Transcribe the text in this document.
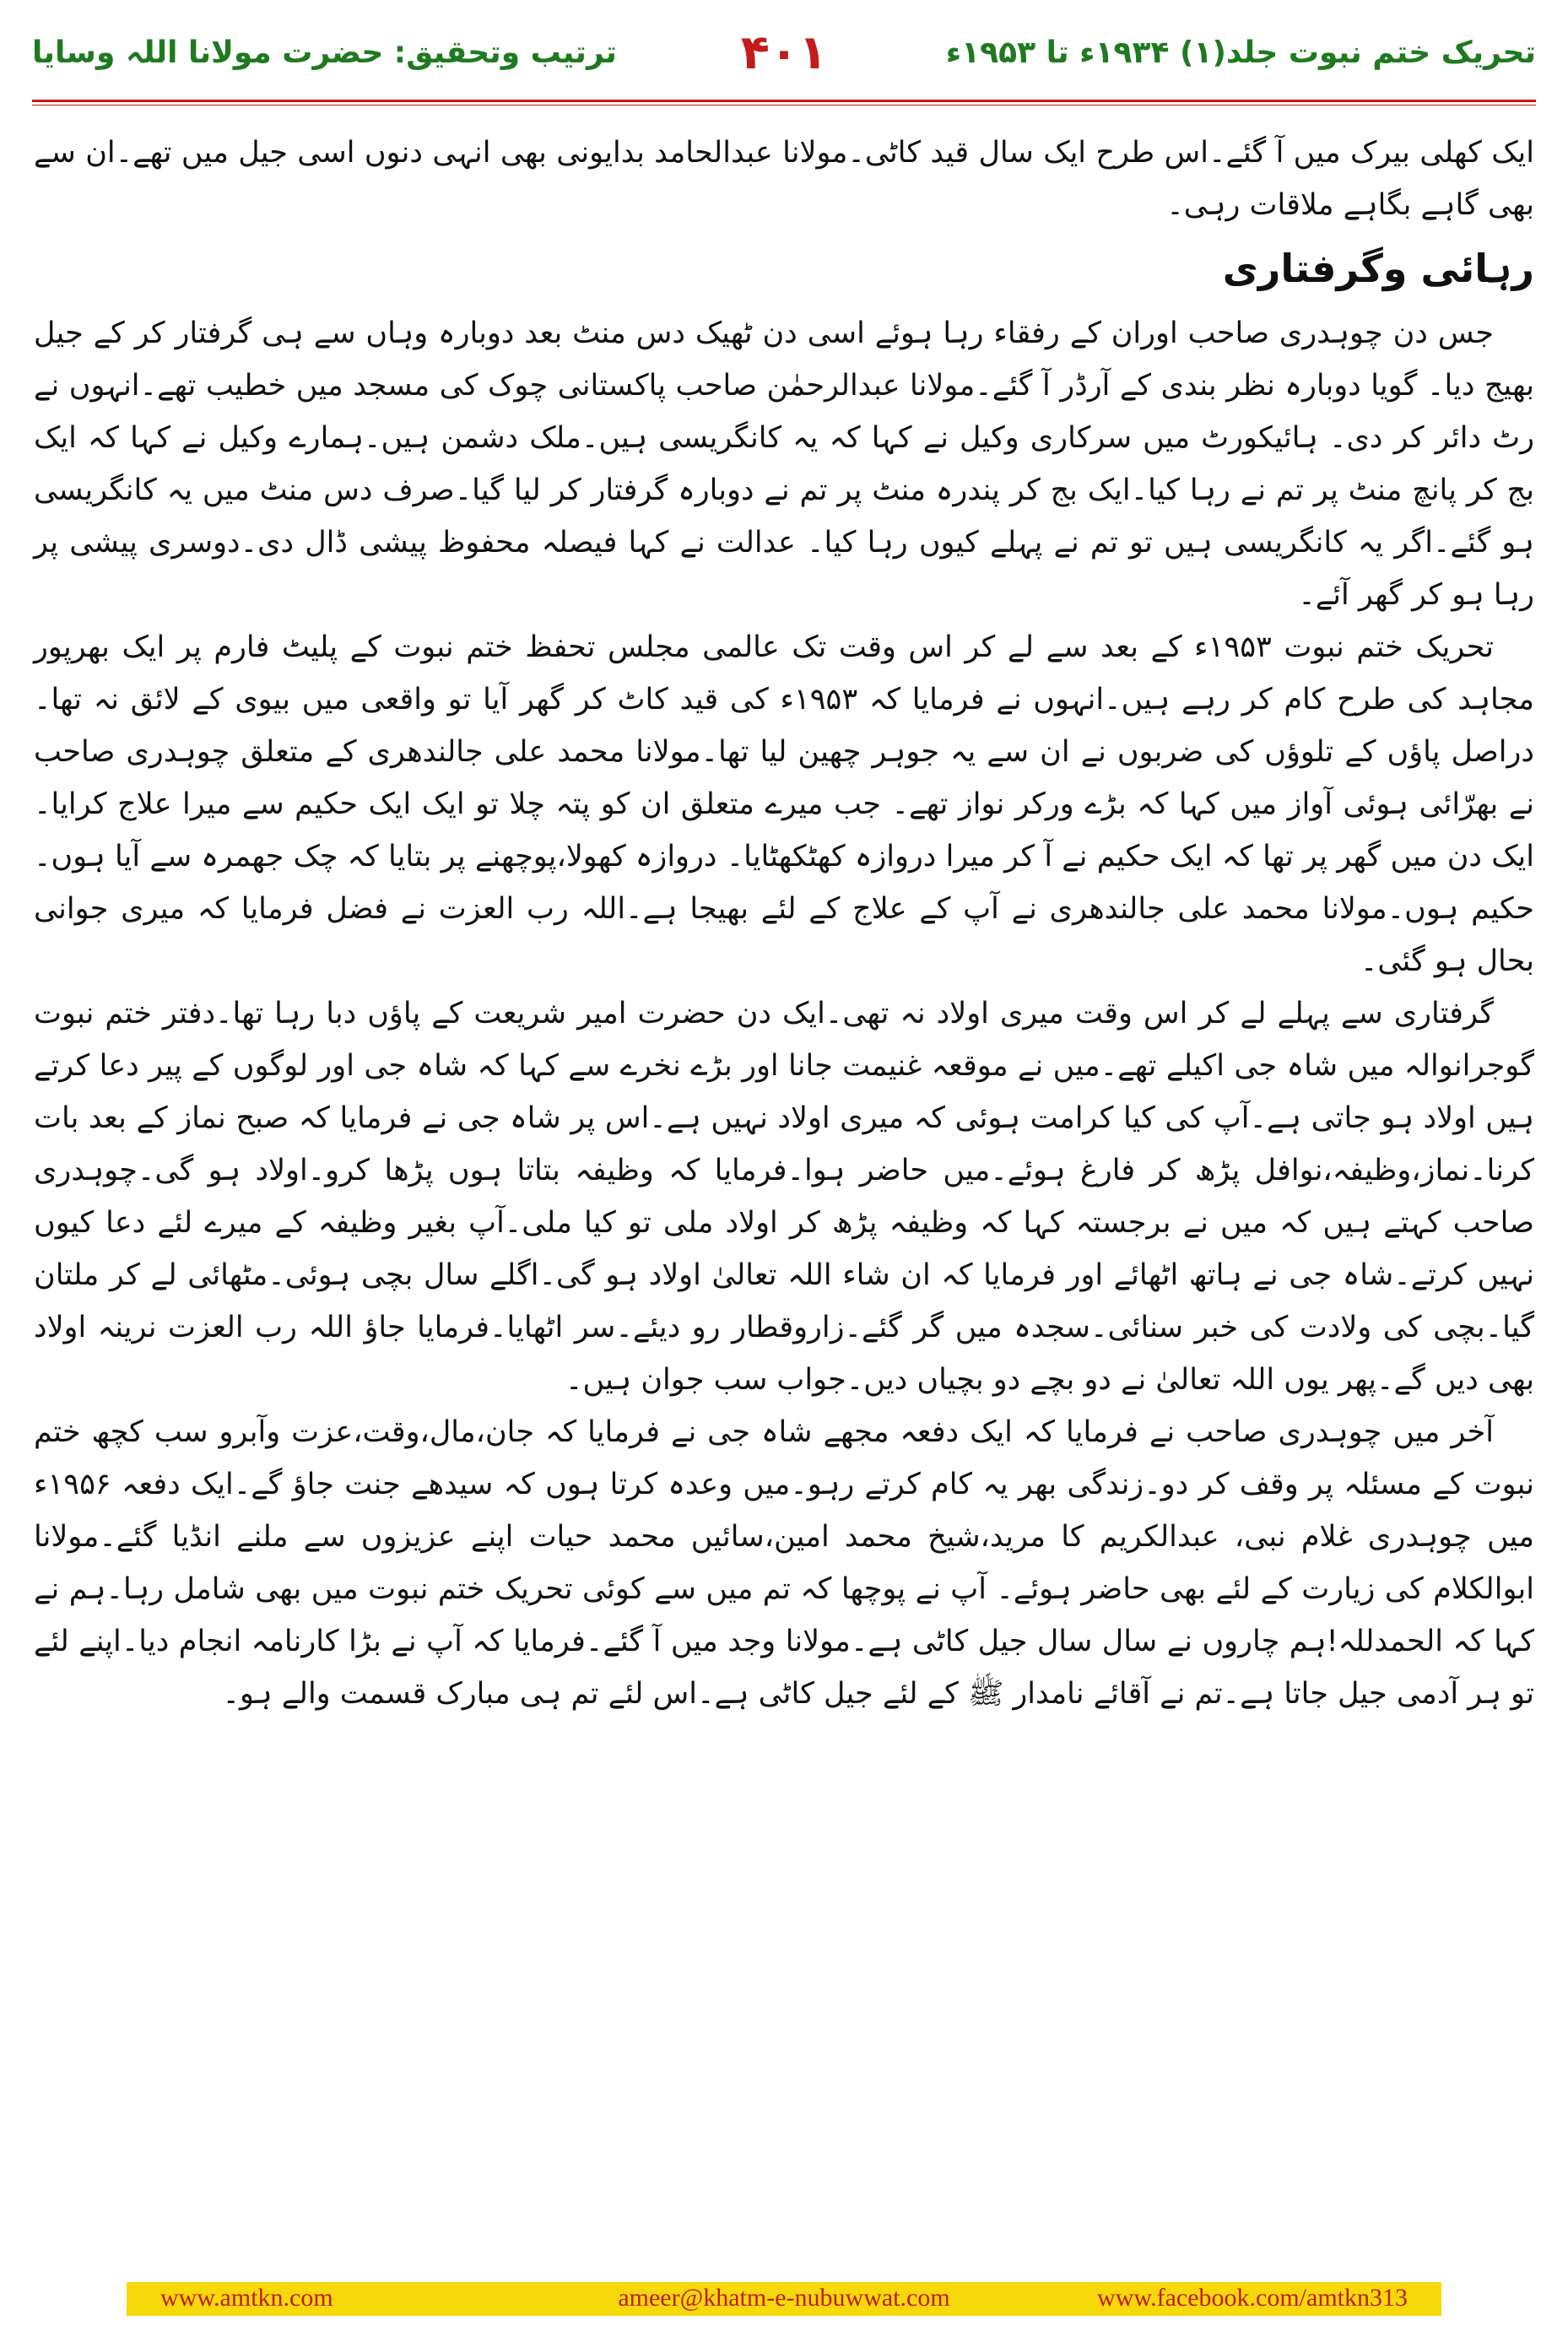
تحریک ختم نبوت جلد(۱) ۱۹۳۴ء تا ۱۹۵۳ء
۴۰۱
ترتیب وتحقیق: حضرت مولانا اللہ وسایا

ایک کھلی بیرک میں آ گئے۔اس طرح ایک سال قید کاٹی۔مولانا عبدالحامد بدایونی بھی انہی دنوں اسی جیل میں تھے۔ان سے بھی گاہے بگاہے ملاقات رہی۔

رہائی وگرفتاری

جس دن چوہدری صاحب اوران کے رفقاء رہا ہوئے اسی دن ٹھیک دس منٹ بعد دوبارہ وہاں سے ہی گرفتار کر کے جیل بھیج دیا۔ گویا دوبارہ نظر بندی کے آرڈر آ گئے۔مولانا عبدالرحمٰن صاحب پاکستانی چوک کی مسجد میں خطیب تھے۔انہوں نے رٹ دائر کر دی۔ ہائیکورٹ میں سرکاری وکیل نے کہا کہ یہ کانگریسی ہیں۔ملک دشمن ہیں۔ہمارے وکیل نے کہا کہ ایک بج کر پانچ منٹ پر تم نے رہا کیا۔ایک بج کر پندرہ منٹ پر تم نے دوبارہ گرفتار کر لیا گیا۔صرف دس منٹ میں یہ کانگریسی ہو گئے۔اگر یہ کانگریسی ہیں تو تم نے پہلے کیوں رہا کیا۔ عدالت نے کہا فیصلہ محفوظ پیشی ڈال دی۔دوسری پیشی پر رہا ہو کر گھر آئے۔

تحریک ختم نبوت ۱۹۵۳ء کے بعد سے لے کر اس وقت تک عالمی مجلس تحفظ ختم نبوت کے پلیٹ فارم پر ایک بھرپور مجاہد کی طرح کام کر رہے ہیں۔انہوں نے فرمایا کہ ۱۹۵۳ء کی قید کاٹ کر گھر آیا تو واقعی میں بیوی کے لائق نہ تھا۔دراصل پاؤں کے تلوؤں کی ضربوں نے ان سے یہ جوہر چھین لیا تھا۔مولانا محمد علی جالندھری کے متعلق چوہدری صاحب نے بھرّائی ہوئی آواز میں کہا کہ بڑے ورکر نواز تھے۔ جب میرے متعلق ان کو پتہ چلا تو ایک ایک حکیم سے میرا علاج کرایا۔ایک دن میں گھر پر تھا کہ ایک حکیم نے آ کر میرا دروازہ کھٹکھٹایا۔ دروازہ کھولا،پوچھنے پر بتایا کہ چک جھمرہ سے آیا ہوں۔حکیم ہوں۔مولانا محمد علی جالندھری نے آپ کے علاج کے لئے بھیجا ہے۔اللہ رب العزت نے فضل فرمایا کہ میری جوانی بحال ہو گئی۔

گرفتاری سے پہلے لے کر اس وقت میری اولاد نہ تھی۔ایک دن حضرت امیر شریعت کے پاؤں دبا رہا تھا۔دفتر ختم نبوت گوجرانوالہ میں شاہ جی اکیلے تھے۔میں نے موقعہ غنیمت جانا اور بڑے نخرے سے کہا کہ شاہ جی اور لوگوں کے پیر دعا کرتے ہیں اولاد ہو جاتی ہے۔آپ کی کیا کرامت ہوئی کہ میری اولاد نہیں ہے۔اس پر شاہ جی نے فرمایا کہ صبح نماز کے بعد بات کرنا۔نماز،وظیفہ،نوافل پڑھ کر فارغ ہوئے۔میں حاضر ہوا۔فرمایا کہ وظیفہ بتاتا ہوں پڑھا کرو۔اولاد ہو گی۔چوہدری صاحب کہتے ہیں کہ میں نے برجستہ کہا کہ وظیفہ پڑھ کر اولاد ملی تو کیا ملی۔آپ بغیر وظیفہ کے میرے لئے دعا کیوں نہیں کرتے۔شاہ جی نے ہاتھ اٹھائے اور فرمایا کہ ان شاء اللہ تعالیٰ اولاد ہو گی۔اگلے سال بچی ہوئی۔مٹھائی لے کر ملتان گیا۔بچی کی ولادت کی خبر سنائی۔سجدہ میں گر گئے۔زاروقطار رو دیئے۔سر اٹھایا۔فرمایا جاؤ اللہ رب العزت نرینہ اولاد بھی دیں گے۔پھر یوں اللہ تعالیٰ نے دو بچے دو بچیاں دیں۔جواب سب جوان ہیں۔

آخر میں چوہدری صاحب نے فرمایا کہ ایک دفعہ مجھے شاہ جی نے فرمایا کہ جان،مال،وقت،عزت وآبرو سب کچھ ختم نبوت کے مسئلہ پر وقف کر دو۔زندگی بھر یہ کام کرتے رہو۔میں وعدہ کرتا ہوں کہ سیدھے جنت جاؤ گے۔ایک دفعہ ۱۹۵۶ء میں چوہدری غلام نبی، عبدالکریم کا مرید،شیخ محمد امین،سائیں محمد حیات اپنے عزیزوں سے ملنے انڈیا گئے۔مولانا ابوالکلام کی زیارت کے لئے بھی حاضر ہوئے۔ آپ نے پوچھا کہ تم میں سے کوئی تحریک ختم نبوت میں بھی شامل رہا۔ہم نے کہا کہ الحمدللہ!ہم چاروں نے سال سال جیل کاٹی ہے۔مولانا وجد میں آ گئے۔فرمایا کہ آپ نے بڑا کارنامہ انجام دیا۔اپنے لئے تو ہر آدمی جیل جاتا ہے۔تم نے آقائے نامدار ﷺ کے لئے جیل کاٹی ہے۔اس لئے تم ہی مبارک قسمت والے ہو۔

www.amtkn.com	ameer@khatm-e-nubuwwat.com	www.facebook.com/amtkn313
